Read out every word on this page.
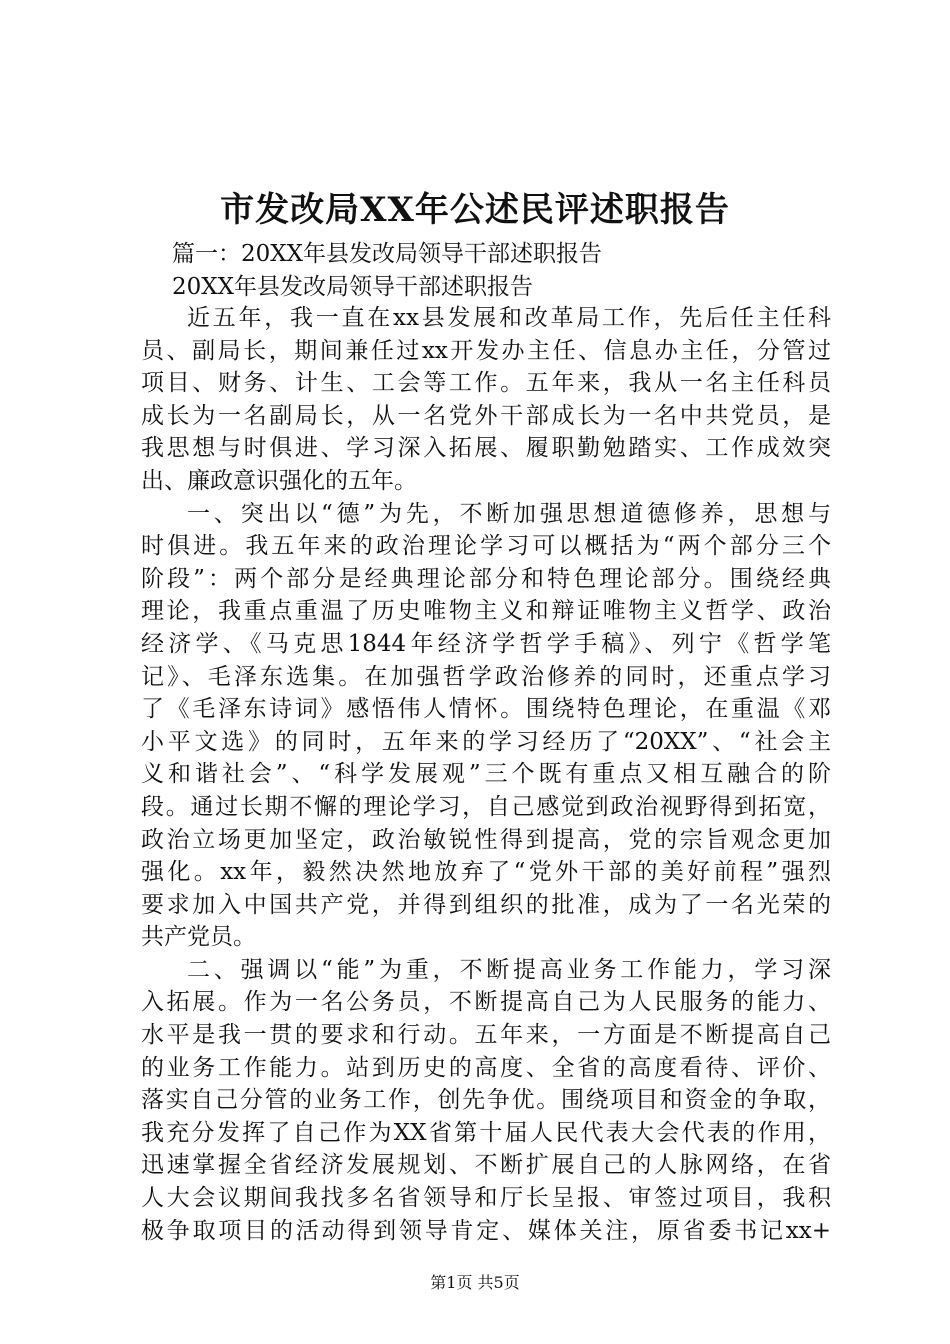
市发改局XX年公述民评述职报告
篇一：20XX年县发改局领导干部述职报告
20XX年县发改局领导干部述职报告
近五年，我一直在xx县发展和改革局工作，先后任主任科
员、副局长，期间兼任过xx开发办主任、信息办主任，分管过
项目、财务、计生、工会等工作。五年来，我从一名主任科员
成长为一名副局长，从一名党外干部成长为一名中共党员，是
我思想与时俱进、学习深入拓展、履职勤勉踏实、工作成效突
出、廉政意识强化的五年。
一、突出以“德”为先，不断加强思想道德修养，思想与
时俱进。我五年来的政治理论学习可以概括为“两个部分三个
阶段”：两个部分是经典理论部分和特色理论部分。围绕经典
理论，我重点重温了历史唯物主义和辩证唯物主义哲学、政治
经济学、《马克思1844年经济学哲学手稿》、列宁《哲学笔
记》、毛泽东选集。在加强哲学政治修养的同时，还重点学习
了《毛泽东诗词》感悟伟人情怀。围绕特色理论，在重温《邓
小平文选》的同时，五年来的学习经历了“20XX”、“社会主
义和谐社会”、“科学发展观”三个既有重点又相互融合的阶
段。通过长期不懈的理论学习，自己感觉到政治视野得到拓宽，
政治立场更加坚定，政治敏锐性得到提高，党的宗旨观念更加
强化。xx年，毅然决然地放弃了“党外干部的美好前程”强烈
要求加入中国共产党，并得到组织的批准，成为了一名光荣的
共产党员。
二、强调以“能”为重，不断提高业务工作能力，学习深
入拓展。作为一名公务员，不断提高自己为人民服务的能力、
水平是我一贯的要求和行动。五年来，一方面是不断提高自己
的业务工作能力。站到历史的高度、全省的高度看待、评价、
落实自己分管的业务工作，创先争优。围绕项目和资金的争取，
我充分发挥了自己作为XX省第十届人民代表大会代表的作用，
迅速掌握全省经济发展规划、不断扩展自己的人脉网络，在省
人大会议期间我找多名省领导和厅长呈报、审签过项目，我积
极争取项目的活动得到领导肯定、媒体关注，原省委书记xx+
第1页 共5页
